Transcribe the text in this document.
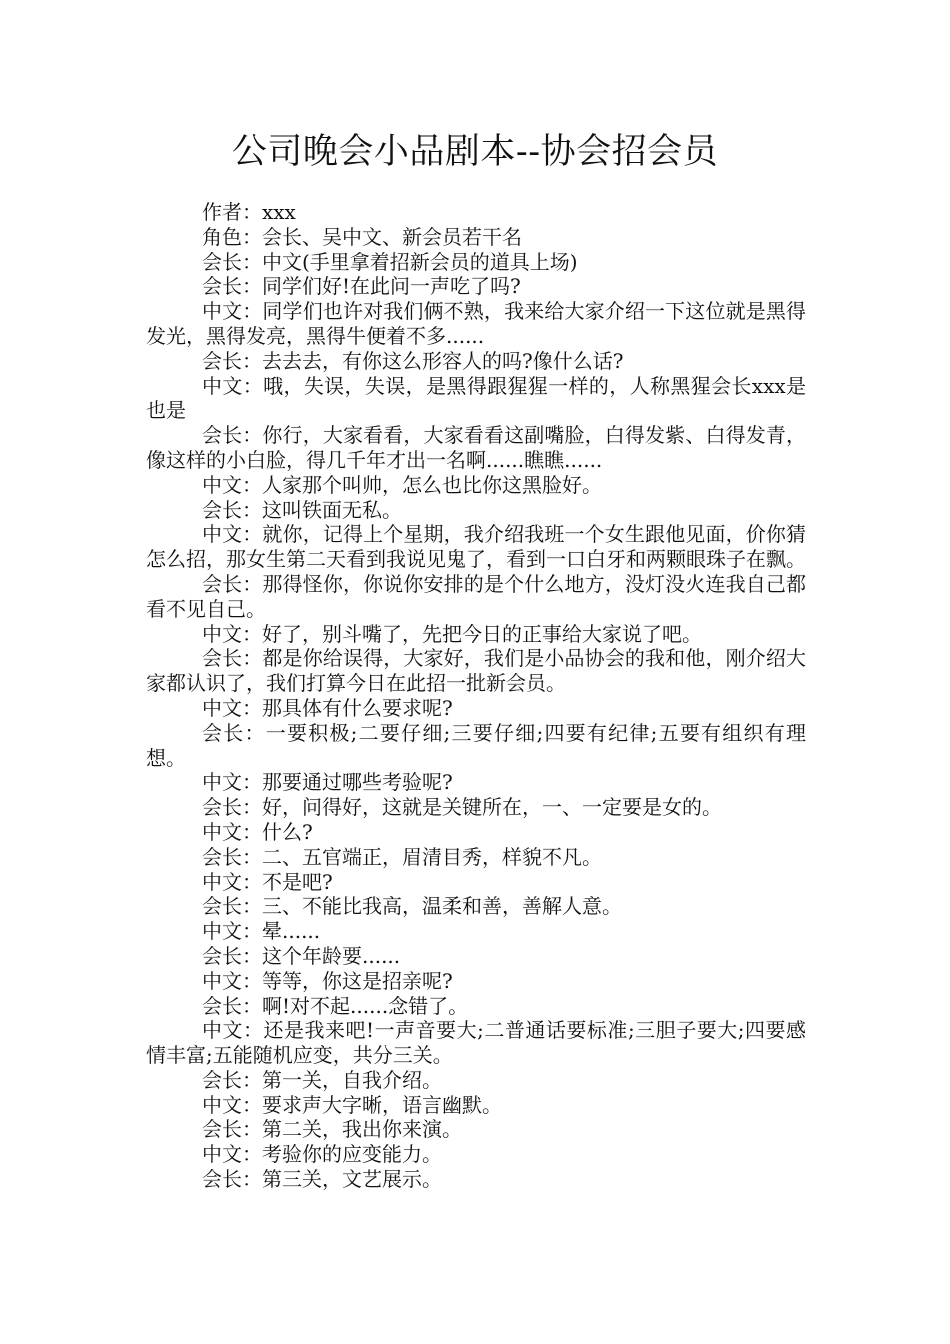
公司晚会小品剧本--协会招会员

作者：xxx

角色：会长、吴中文、新会员若干名

会长：中文(手里拿着招新会员的道具上场)

会长：同学们好!在此问一声吃了吗?

中文：同学们也许对我们俩不熟，我来给大家介绍一下这位就是黑得发光，黑得发亮，黑得牛便着不多......

会长：去去去，有你这么形容人的吗?像什么话?

中文：哦，失误，失误，是黑得跟猩猩一样的，人称黑猩会长xxx是也是

会长：你行，大家看看，大家看看这副嘴脸，白得发紫、白得发青，像这样的小白脸，得几千年才出一名啊......瞧瞧......

中文：人家那个叫帅，怎么也比你这黑脸好。

会长：这叫铁面无私。

中文：就你，记得上个星期，我介绍我班一个女生跟他见面，价你猜怎么招，那女生第二天看到我说见鬼了，看到一口白牙和两颗眼珠子在飘。

会长：那得怪你，你说你安排的是个什么地方，没灯没火连我自己都看不见自己。

中文：好了，别斗嘴了，先把今日的正事给大家说了吧。

会长：都是你给误得，大家好，我们是小品协会的我和他，刚介绍大家都认识了，我们打算今日在此招一批新会员。

中文：那具体有什么要求呢?

会长：一要积极;二要仔细;三要仔细;四要有纪律;五要有组织有理想。

中文：那要通过哪些考验呢?

会长：好，问得好，这就是关键所在，一、一定要是女的。

中文：什么?

会长：二、五官端正，眉清目秀，样貌不凡。

中文：不是吧?

会长：三、不能比我高，温柔和善，善解人意。

中文：晕......

会长：这个年龄要......

中文：等等，你这是招亲呢?

会长：啊!对不起......念错了。

中文：还是我来吧!一声音要大;二普通话要标准;三胆子要大;四要感情丰富;五能随机应变，共分三关。

会长：第一关，自我介绍。

中文：要求声大字晰，语言幽默。

会长：第二关，我出你来演。

中文：考验你的应变能力。

会长：第三关，文艺展示。
